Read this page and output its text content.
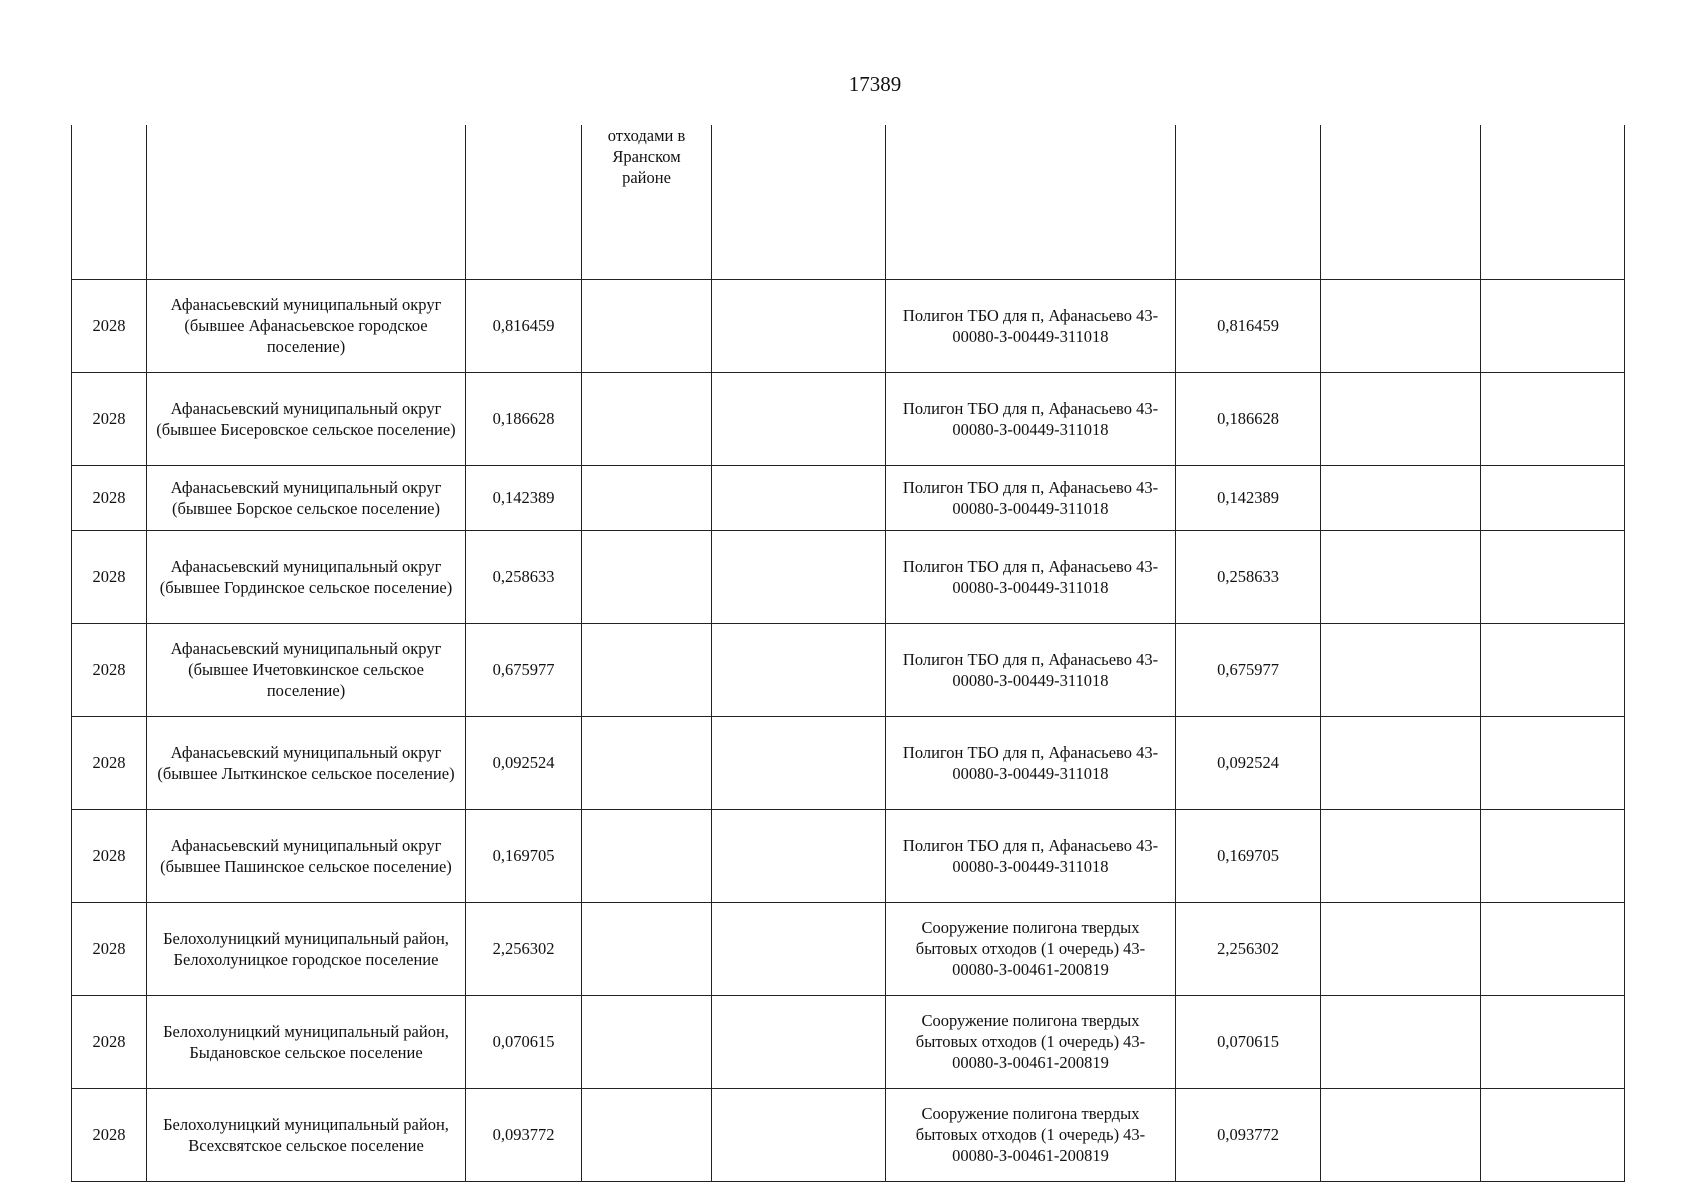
17389
			отходами в Яранском районе					
2028	Афанасьевский муниципальный округ (бывшее Афанасьевское городское поселение)	0,816459			Полигон ТБО для п, Афанасьево 43-00080-З-00449-311018	0,816459		
2028	Афанасьевский муниципальный округ (бывшее Бисеровское сельское поселение)	0,186628			Полигон ТБО для п, Афанасьево 43-00080-З-00449-311018	0,186628		
2028	Афанасьевский муниципальный округ (бывшее Борское сельское поселение)	0,142389			Полигон ТБО для п, Афанасьево 43-00080-З-00449-311018	0,142389		
2028	Афанасьевский муниципальный округ (бывшее Гординское сельское поселение)	0,258633			Полигон ТБО для п, Афанасьево 43-00080-З-00449-311018	0,258633		
2028	Афанасьевский муниципальный округ (бывшее Ичетовкинское сельское поселение)	0,675977			Полигон ТБО для п, Афанасьево 43-00080-З-00449-311018	0,675977		
2028	Афанасьевский муниципальный округ (бывшее Лыткинское сельское поселение)	0,092524			Полигон ТБО для п, Афанасьево 43-00080-З-00449-311018	0,092524		
2028	Афанасьевский муниципальный округ (бывшее Пашинское сельское поселение)	0,169705			Полигон ТБО для п, Афанасьево 43-00080-З-00449-311018	0,169705		
2028	Белохолуницкий муниципальный район, Белохолуницкое городское поселение	2,256302			Сооружение полигона твердых бытовых отходов (1 очередь) 43-00080-З-00461-200819	2,256302		
2028	Белохолуницкий муниципальный район, Быдановское сельское поселение	0,070615			Сооружение полигона твердых бытовых отходов (1 очередь) 43-00080-З-00461-200819	0,070615		
2028	Белохолуницкий муниципальный район, Всехсвятское сельское поселение	0,093772			Сооружение полигона твердых бытовых отходов (1 очередь) 43-00080-З-00461-200819	0,093772		
